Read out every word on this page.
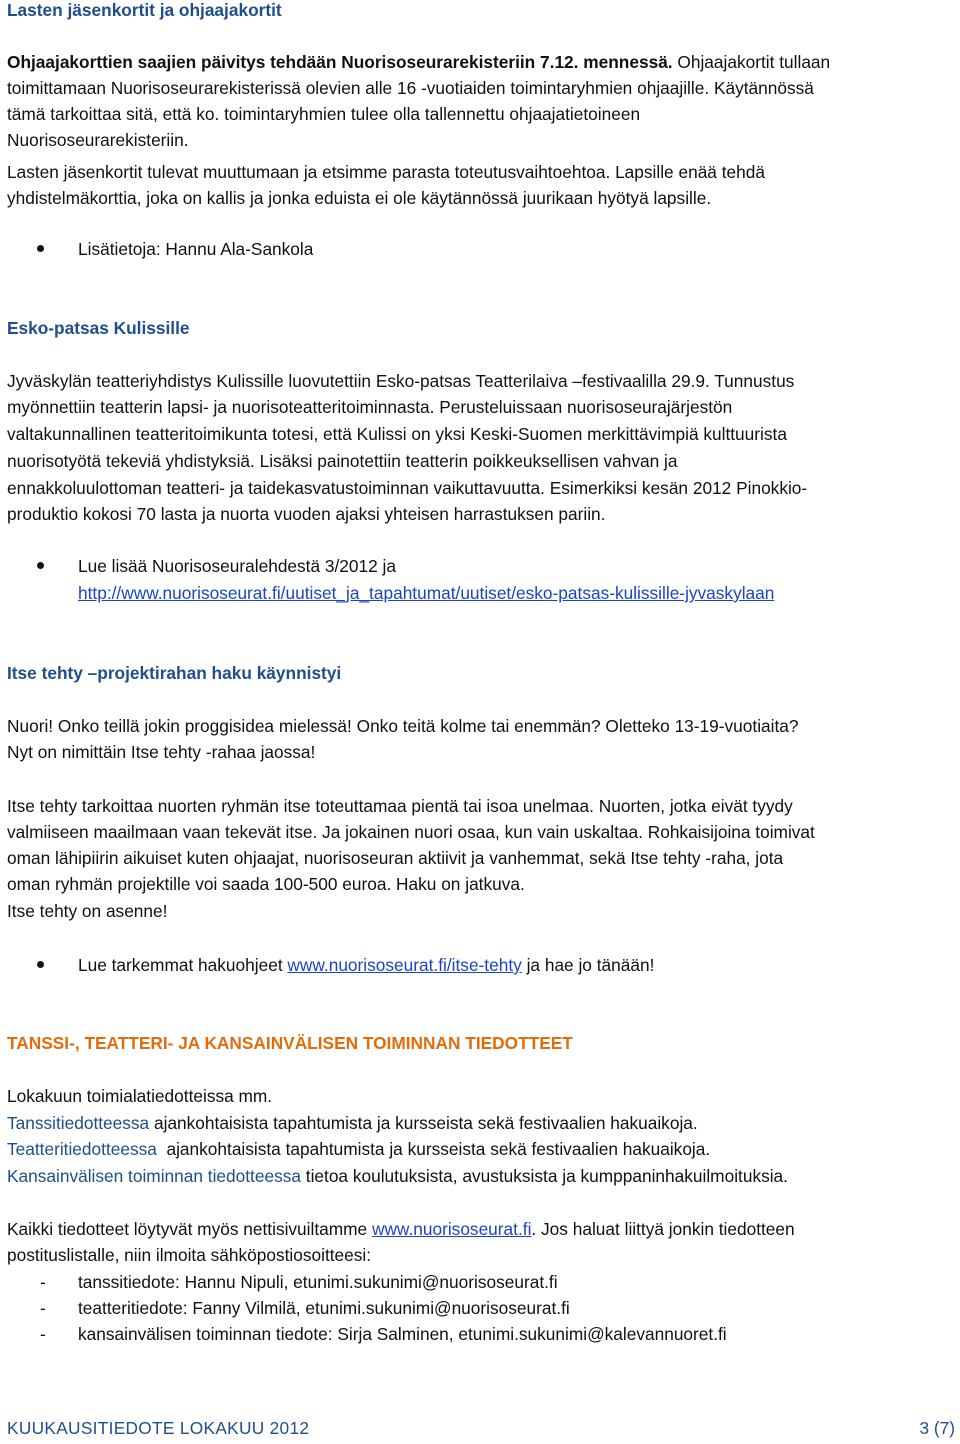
Lasten jäsenkortit ja ohjaajakortit
Ohjaajakorttien saajien päivitys tehdään Nuorisoseurarekisteriin 7.12. mennessä. Ohjaajakortit tullaan
toimittamaan Nuorisoseurarekisterissä olevien alle 16 -vuotiaiden toimintaryhmien ohjaajille. Käytännössä
tämä tarkoittaa sitä, että ko. toimintaryhmien tulee olla tallennettu ohjaajatietoineen
Nuorisoseurarekisteriin.
Lasten jäsenkortit tulevat muuttumaan ja etsimme parasta toteutusvaihtoehtoa. Lapsille enää tehdä
yhdistelmäkorttia, joka on kallis ja jonka eduista ei ole käytännössä juurikaan hyötyä lapsille.
Lisätietoja: Hannu Ala-Sankola
Esko-patsas Kulissille
Jyväskylän teatteriyhdistys Kulissille luovutettiin Esko-patsas Teatterilaiva –festivaalilla 29.9. Tunnustus
myönnettiin teatterin lapsi- ja nuorisoteatteritoiminnasta. Perusteluissaan nuorisoseurajärjestön
valtakunnallinen teatteritoimikunta totesi, että Kulissi on yksi Keski-Suomen merkittävimpiä kulttuurista
nuorisotyötä tekeviä yhdistyksiä. Lisäksi painotettiin teatterin poikkeuksellisen vahvan ja
ennakkoluulottoman teatteri- ja taidekasvatustoiminnan vaikuttavuutta. Esimerkiksi kesän 2012 Pinokkio-
produktio kokosi 70 lasta ja nuorta vuoden ajaksi yhteisen harrastuksen pariin.
Lue lisää Nuorisoseuralehdestä 3/2012 ja
http://www.nuorisoseurat.fi/uutiset_ja_tapahtumat/uutiset/esko-patsas-kulissille-jyvaskylaan
Itse tehty –projektirahan haku käynnistyi
Nuori! Onko teillä jokin proggisidea mielessä! Onko teitä kolme tai enemmän? Oletteko 13-19-vuotiaita?
Nyt on nimittäin Itse tehty -rahaa jaossa!
Itse tehty tarkoittaa nuorten ryhmän itse toteuttamaa pientä tai isoa unelmaa. Nuorten, jotka eivät tyydy
valmiiseen maailmaan vaan tekevät itse. Ja jokainen nuori osaa, kun vain uskaltaa. Rohkaisijoina toimivat
oman lähipiirin aikuiset kuten ohjaajat, nuorisoseuran aktiivit ja vanhemmat, sekä Itse tehty -raha, jota
oman ryhmän projektille voi saada 100-500 euroa. Haku on jatkuva.
Itse tehty on asenne!
Lue tarkemmat hakuohjeet www.nuorisoseurat.fi/itse-tehty ja hae jo tänään!
TANSSI-, TEATTERI- JA KANSAINVÄLISEN TOIMINNAN TIEDOTTEET
Lokakuun toimialatiedotteissa mm.
Tanssitiedotteessa ajankohtaisista tapahtumista ja kursseista sekä festivaalien hakuaikoja.
Teatteritiedotteessa  ajankohtaisista tapahtumista ja kursseista sekä festivaalien hakuaikoja.
Kansainvälisen toiminnan tiedotteessa tietoa koulutuksista, avustuksista ja kumppaninhakuilmoituksia.
Kaikki tiedotteet löytyvät myös nettisivuiltamme www.nuorisoseurat.fi. Jos haluat liittyä jonkin tiedotteen
postituslistalle, niin ilmoita sähköpostiosoitteesi:
- tanssitiedote: Hannu Nipuli, etunimi.sukunimi@nuorisoseurat.fi
- teatteritiedote: Fanny Vilmilä, etunimi.sukunimi@nuorisoseurat.fi
- kansainvälisen toiminnan tiedote: Sirja Salminen, etunimi.sukunimi@kalevannuoret.fi
KUUKAUSITIEDOTE LOKAKUU 2012	3 (7)
